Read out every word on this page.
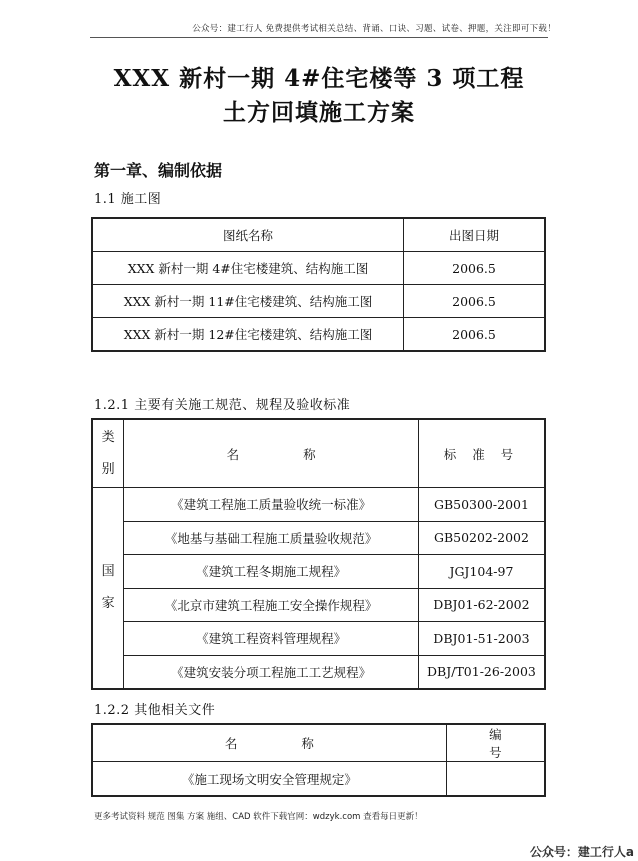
公众号：建工行人 免费提供考试相关总结、背诵、口诀、习题、试卷、押题，关注即可下载！
XXX 新村一期 4#住宅楼等 3 项工程
土方回填施工方案
第一章、编制依据
1.1 施工图
图纸名称	出图日期
XXX 新村一期 4#住宅楼建筑、结构施工图	2006.5
XXX 新村一期 11#住宅楼建筑、结构施工图	2006.5
XXX 新村一期 12#住宅楼建筑、结构施工图	2006.5
1.2.1 主要有关施工规范、规程及验收标准
类
别	名 称	标 准 号

国
家	《建筑工程施工质量验收统一标准》	GB50300-2001
	《地基与基础工程施工质量验收规范》	GB50202-2002
	《建筑工程冬期施工规程》	JGJ104-97
	《北京市建筑工程施工安全操作规程》	DBJ01-62-2002
	《建筑工程资料管理规程》	DBJ01-51-2003
	《建筑安装分项工程施工工艺规程》	DBJ/T01-26-2003
1.2.2 其他相关文件
名 称	编 号
《施工现场文明安全管理规定》	
更多考试资料 规范 图集 方案 施组、CAD 软件下载官网：wdzyk.com 查看每日更新！
公众号：建工行人a
